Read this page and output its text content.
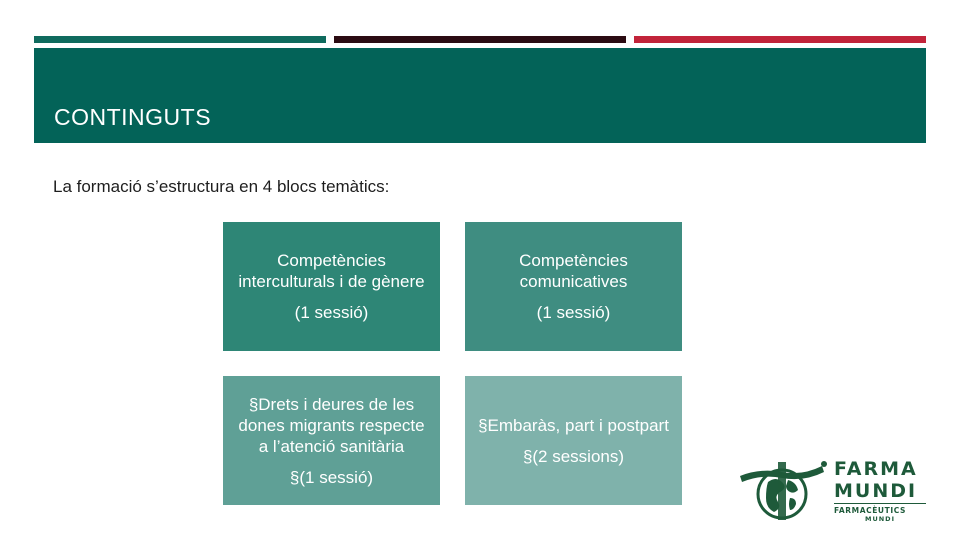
CONTINGUTS
La formació s’estructura en 4 blocs temàtics:

Competències interculturals i de gènere

(1 sessió)

Competències comunicatives

(1 sessió)

§Drets i deures de les dones migrants respecte a l’atenció sanitària

§(1 sessió)

§Embaràs, part i postpart

§(2 sessions)

FARMA
MUNDI
FARMACÈUTICS
MUNDI
